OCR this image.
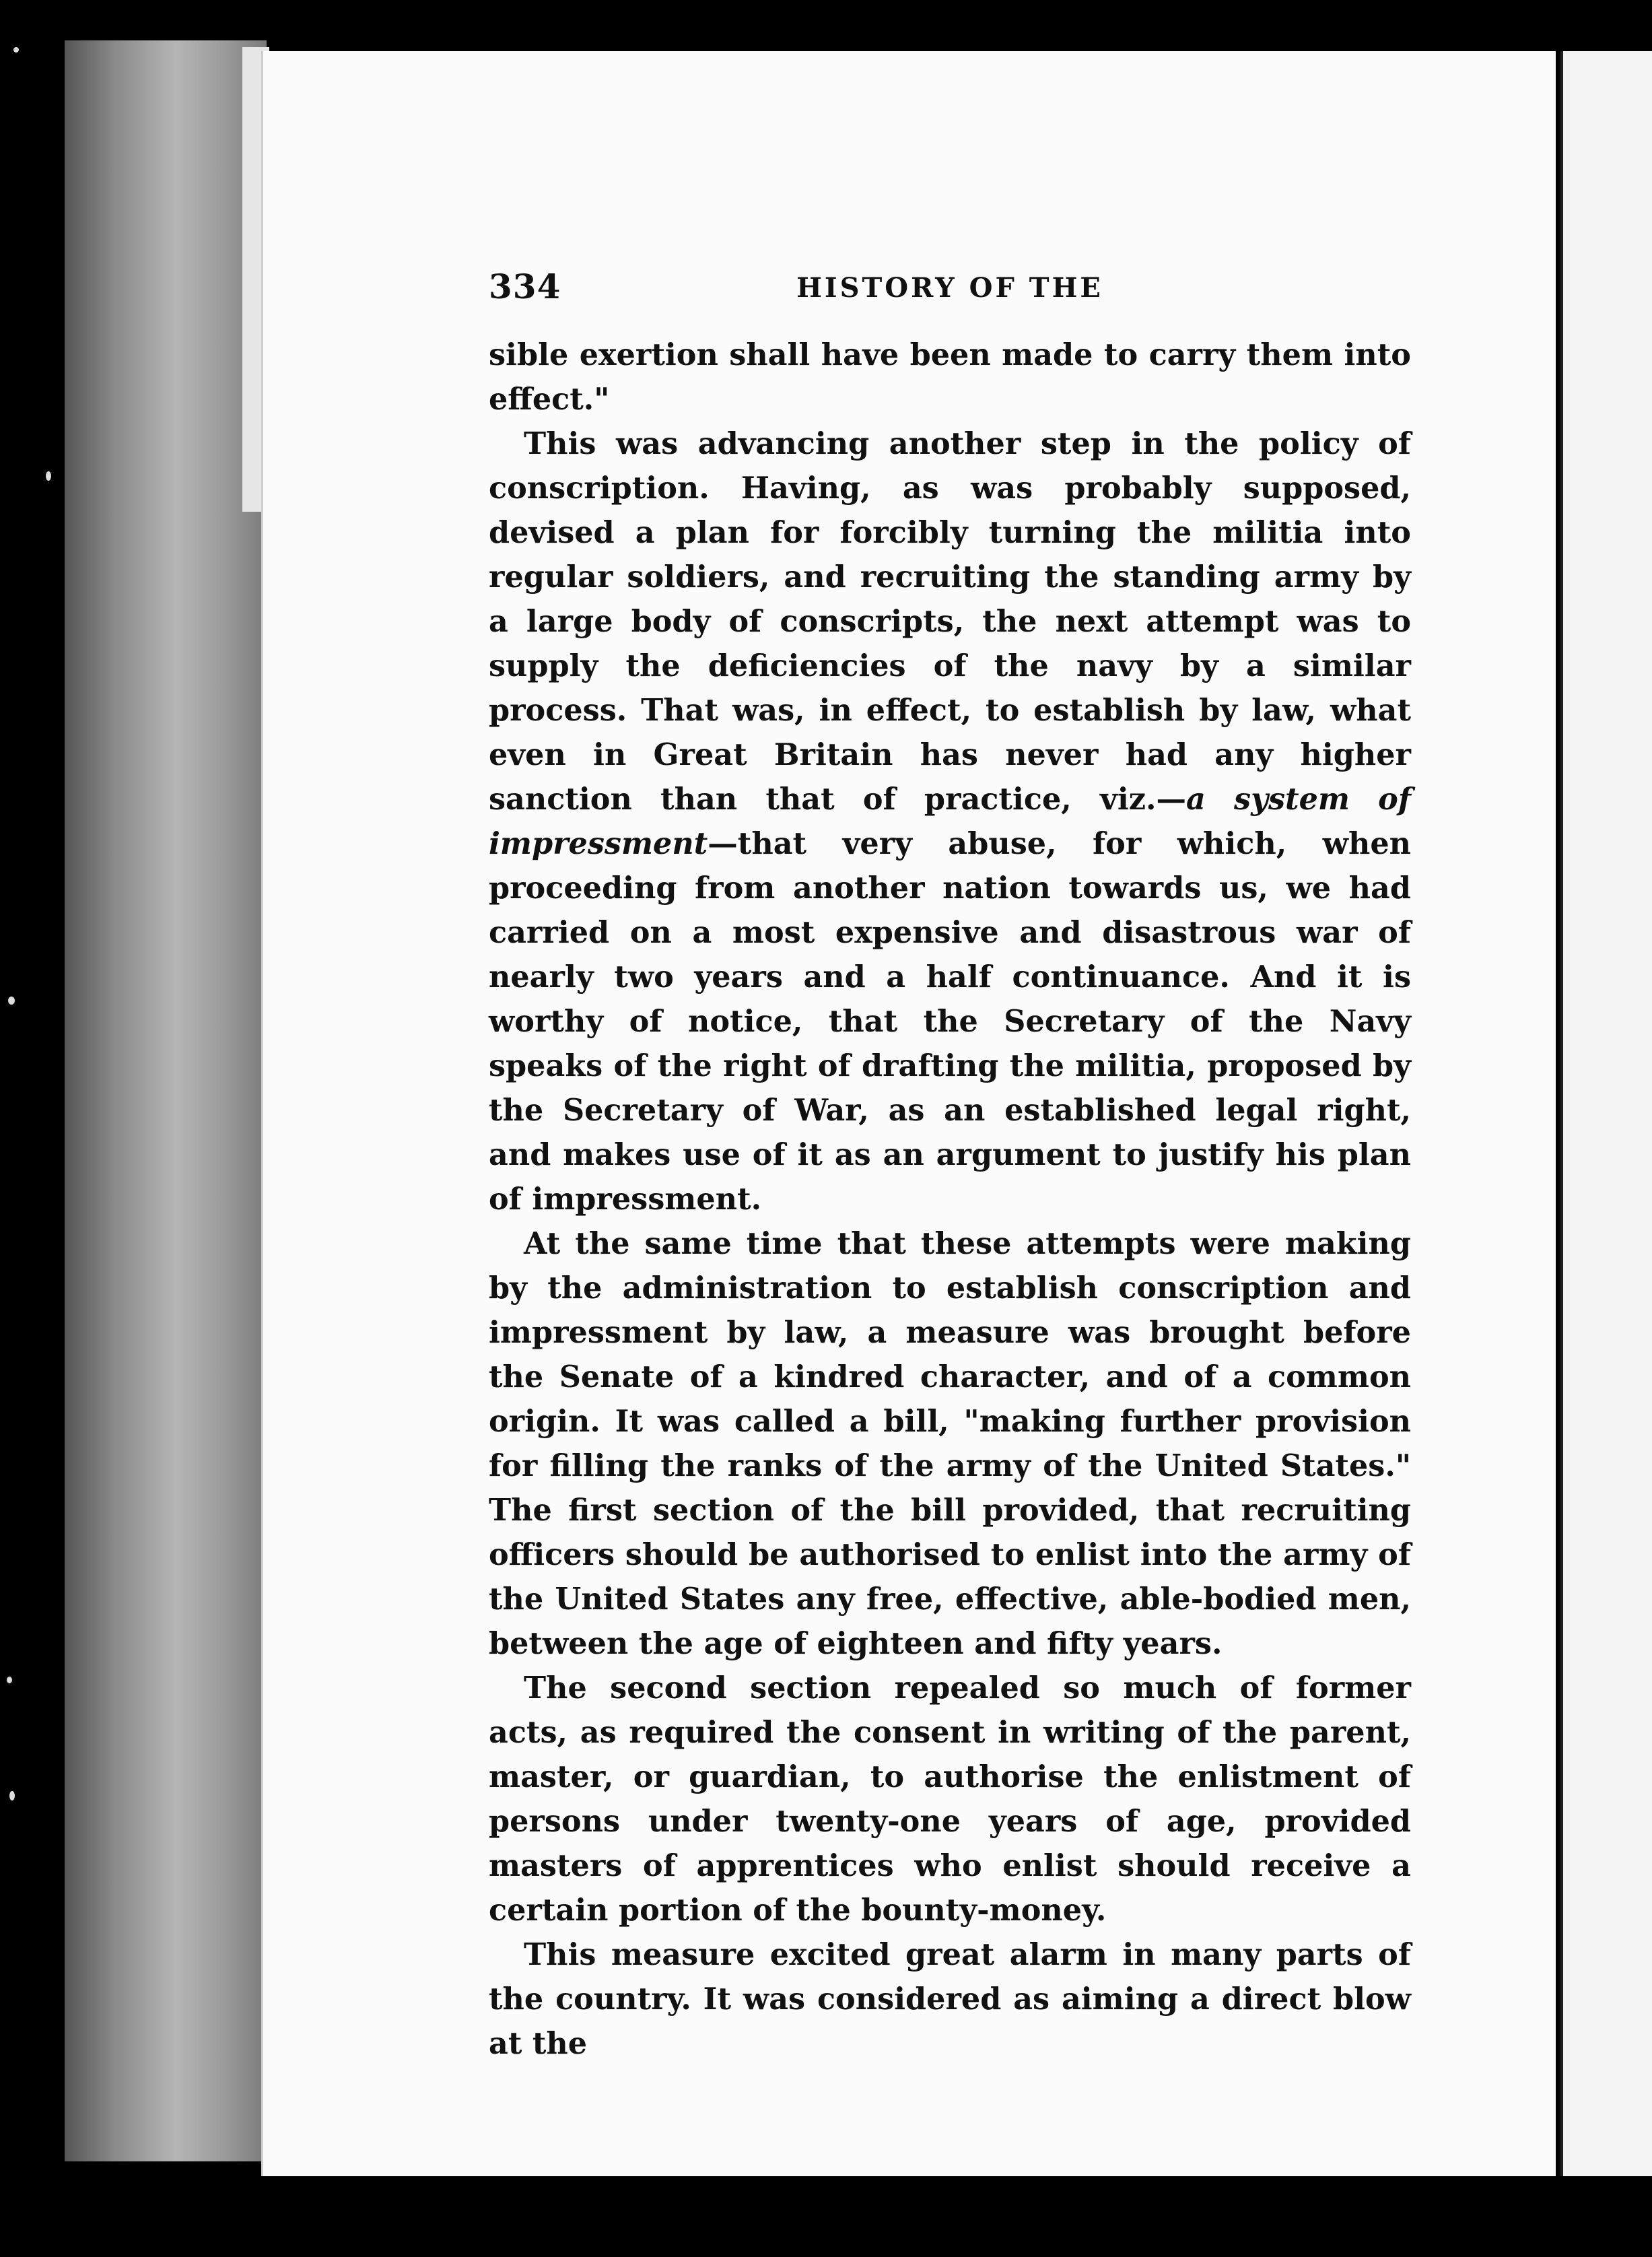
334	HISTORY OF THE

sible exertion shall have been made to carry them into effect."

This was advancing another step in the policy of conscription. Having, as was probably supposed, devised a plan for forcibly turning the militia into regular soldiers, and recruiting the standing army by a large body of conscripts, the next attempt was to supply the deficiencies of the navy by a similar process. That was, in effect, to establish by law, what even in Great Britain has never had any higher sanction than that of practice, viz.—a system of impressment—that very abuse, for which, when proceeding from another nation towards us, we had carried on a most expensive and disastrous war of nearly two years and a half continuance. And it is worthy of notice, that the Secretary of the Navy speaks of the right of drafting the militia, proposed by the Secretary of War, as an established legal right, and makes use of it as an argument to justify his plan of impressment.

At the same time that these attempts were making by the administration to establish conscription and impressment by law, a measure was brought before the Senate of a kindred character, and of a common origin. It was called a bill, "making further provision for filling the ranks of the army of the United States." The first section of the bill provided, that recruiting officers should be authorised to enlist into the army of the United States any free, effective, able-bodied men, between the age of eighteen and fifty years.

The second section repealed so much of former acts, as required the consent in writing of the parent, master, or guardian, to authorise the enlistment of persons under twenty-one years of age, provided masters of apprentices who enlist should receive a certain portion of the bounty-money.

This measure excited great alarm in many parts of the country. It was considered as aiming a direct blow at the
